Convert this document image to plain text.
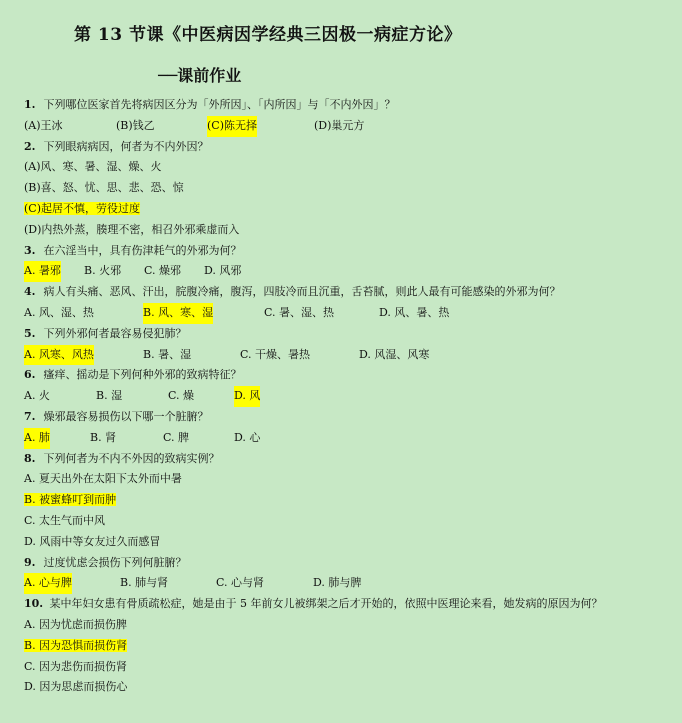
第 13 节课《中医病因学经典三因极一病症方论》
──课前作业
1. 下列哪位医家首先将病因区分为「外所因」、「内所因」与「不内外因」？
(A)王冰	(B)钱乙	(C)陈无择	(D)巢元方
2. 下列眼病病因，何者为不内外因？
(A)风、寒、暑、湿、燥、火
(B)喜、怒、忧、思、悲、恐、惊
(C)起居不慎，劳役过度
(D)内热外蒸，腠理不密，相召外邪乘虚而入
3. 在六淫当中，具有伤津耗气的外邪为何？
A. 暑邪 B. 火邪 C. 燥邪 D. 风邪
4. 病人有头痛、恶风、汗出，脘腹冷痛，腹泻，四肢冷而且沉重，舌苔腻，则此人最有可能感染的外邪为何？
A. 风、湿、热	B. 风、寒、湿	C. 暑、湿、热	D. 风、暑、热
5. 下列外邪何者最容易侵犯肺？
A. 风寒、风热	B. 暑、湿	C. 干燥、暑热	D. 风湿、风寒
6. 瘙痒、摇动是下列何种外邪的致病特征？
A. 火	B. 湿	C. 燥	D. 风
7. 燥邪最容易损伤以下哪一个脏腑？
A. 肺	B. 肾	C. 脾	D. 心
8. 下列何者为不内不外因的致病实例？
A. 夏天出外在太阳下太外而中暑
B. 被蜜蜂叮到而肿
C. 太生气而中风
D. 风雨中等女友过久而感冒
9. 过度忧虑会损伤下列何脏腑？
A. 心与脾	B. 肺与肾	C. 心与肾	D. 肺与脾
10. 某中年妇女患有骨质疏松症，她是由于 5 年前女儿被绑架之后才开始的，依照中医理论来看，她发病的原因为何？
A. 因为忧虑而损伤脾
B. 因为恐惧而损伤肾
C. 因为悲伤而损伤肾
D. 因为思虑而损伤心
